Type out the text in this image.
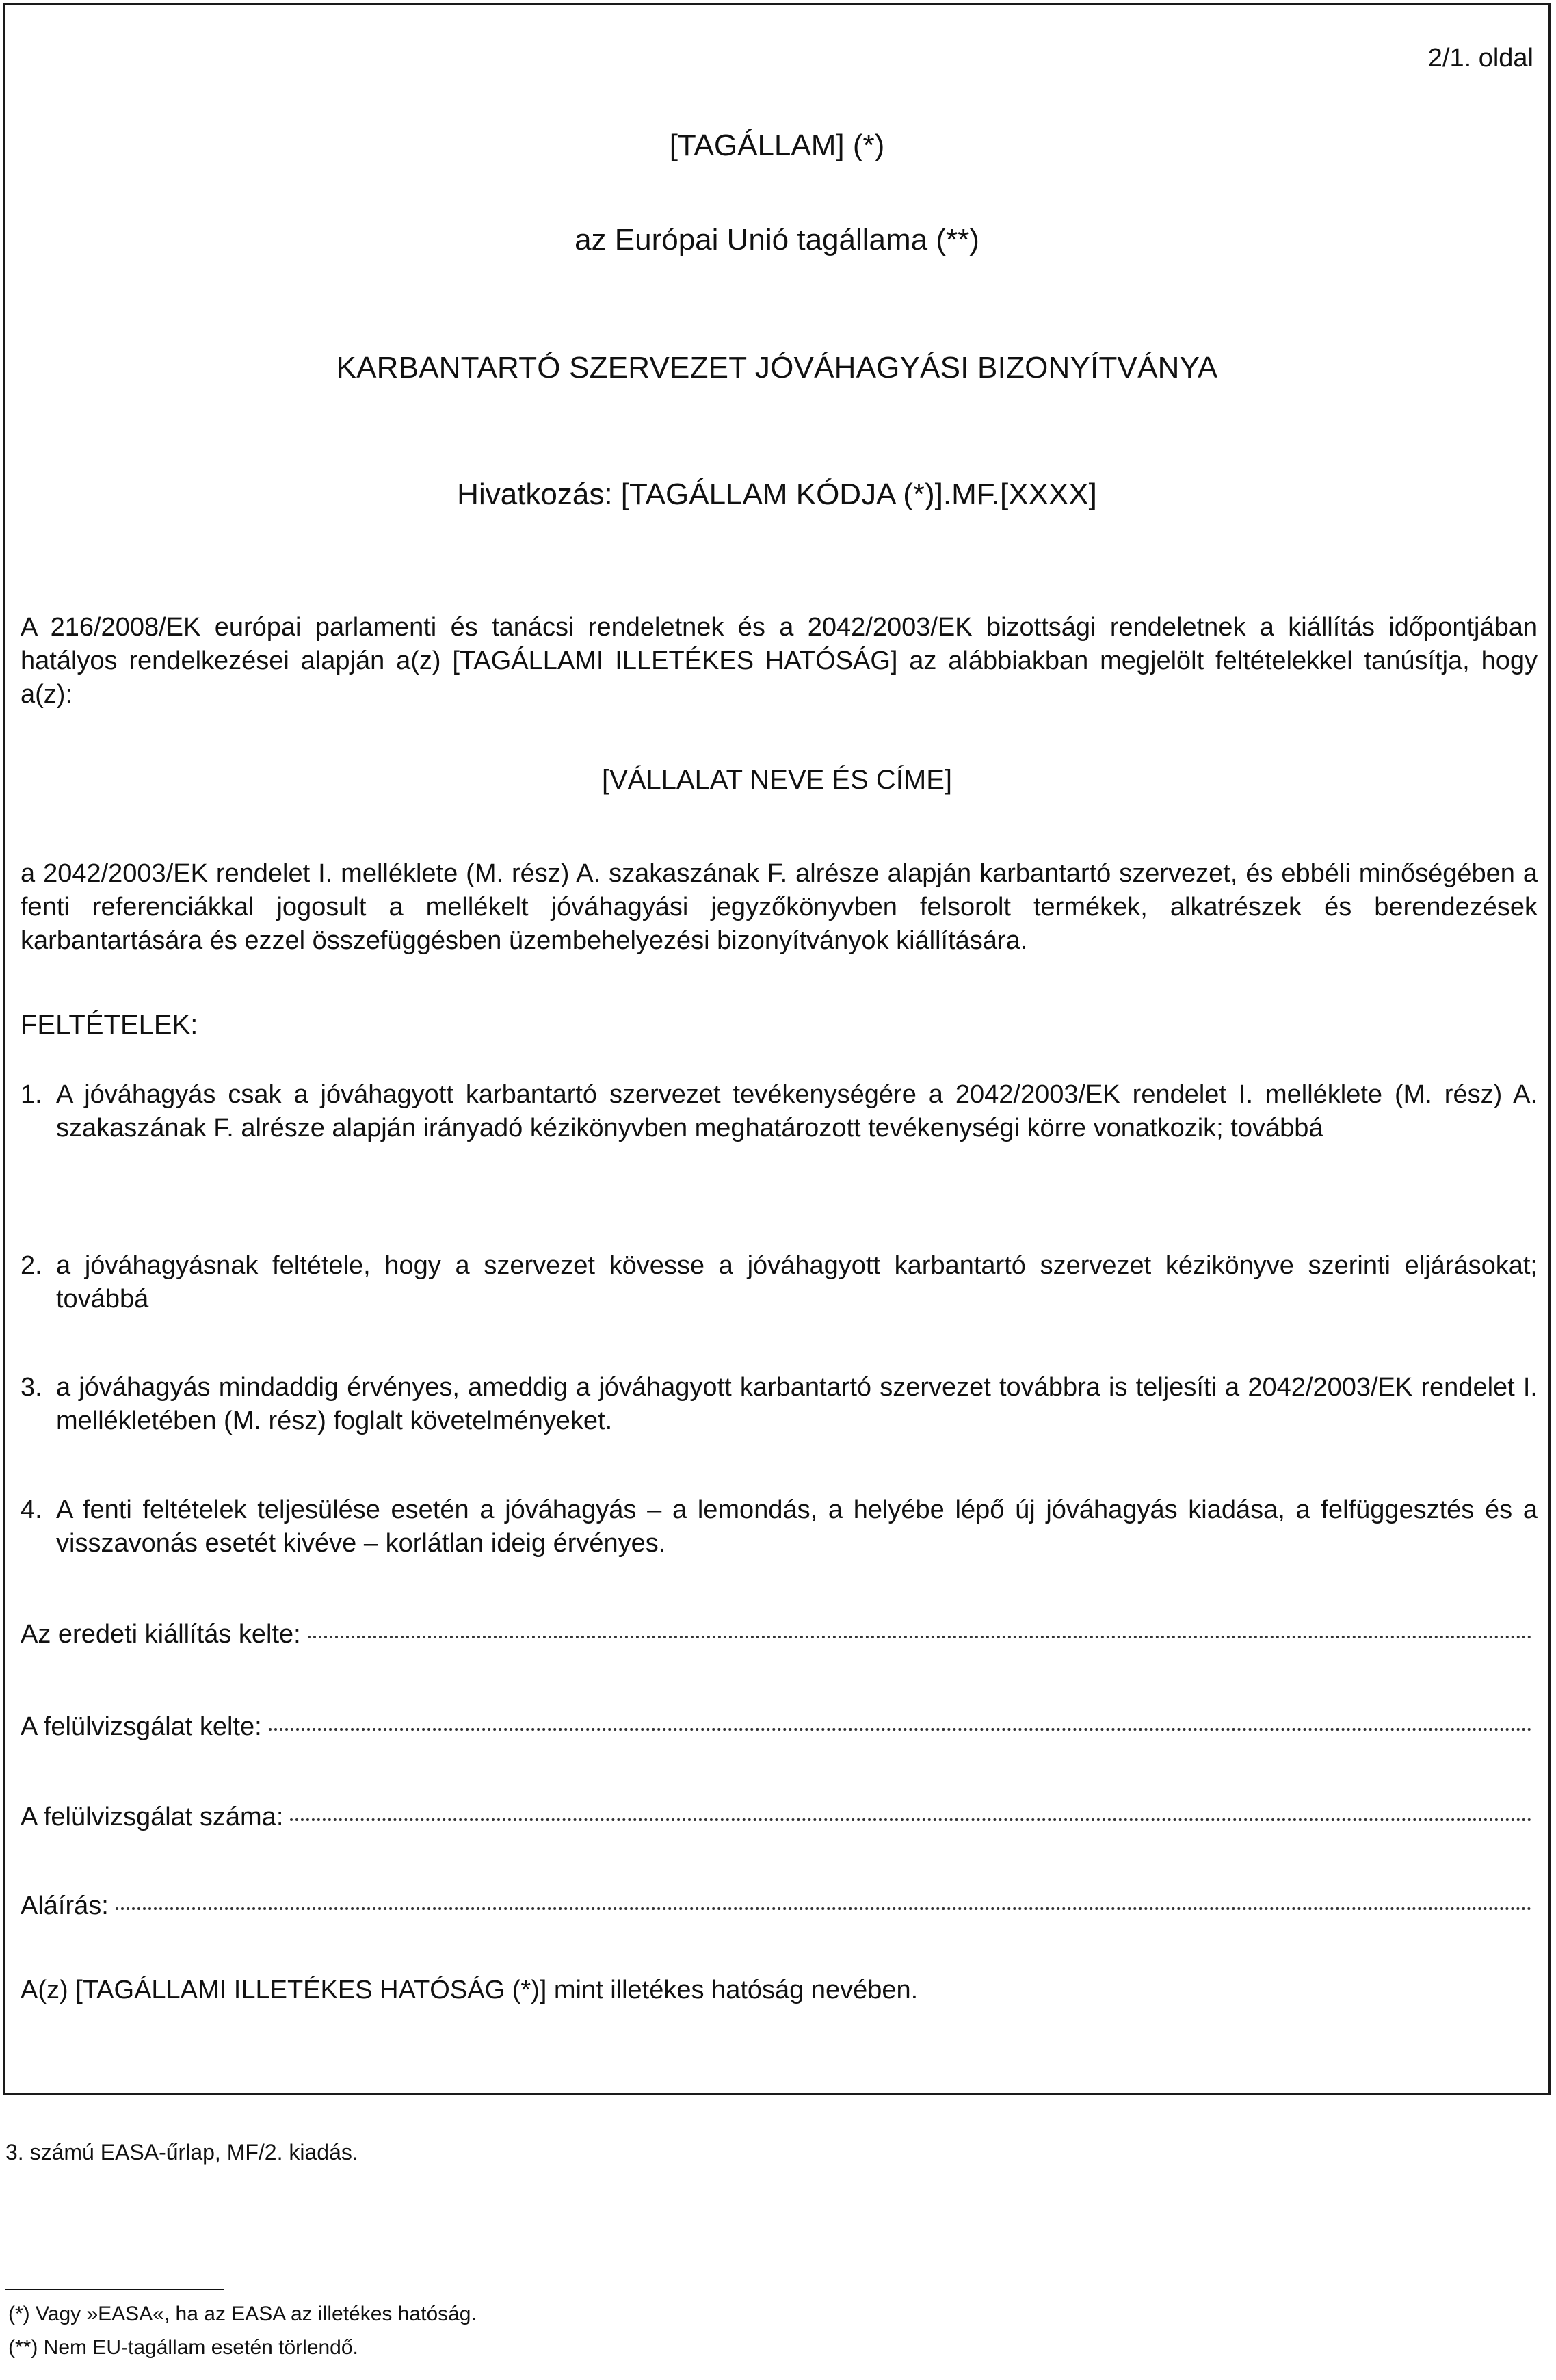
2/1. oldal
[TAGÁLLAM] (*)
az Európai Unió tagállama (**)
KARBANTARTÓ SZERVEZET JÓVÁHAGYÁSI BIZONYÍTVÁNYA
Hivatkozás: [TAGÁLLAM KÓDJA (*)].MF.[XXXX]
A 216/2008/EK európai parlamenti és tanácsi rendeletnek és a 2042/2003/EK bizottsági rendeletnek a kiállítás időpontjában hatályos rendelkezései alapján a(z) [TAGÁLLAMI ILLETÉKES HATÓSÁG] az alábbiakban megjelölt feltételekkel tanúsítja, hogy a(z):
[VÁLLALAT NEVE ÉS CÍME]
a 2042/2003/EK rendelet I. melléklete (M. rész) A. szakaszának F. alrésze alapján karbantartó szervezet, és ebbéli minőségében a fenti referenciákkal jogosult a mellékelt jóváhagyási jegyzőkönyvben felsorolt termékek, alkatrészek és berendezések karbantartására és ezzel összefüggésben üzembehelyezési bizonyítványok kiállítására.
FELTÉTELEK:
1. A jóváhagyás csak a jóváhagyott karbantartó szervezet tevékenységére a 2042/2003/EK rendelet I. melléklete (M. rész) A. szakaszának F. alrésze alapján irányadó kézikönyvben meghatározott tevékenységi körre vonatkozik; továbbá
2. a jóváhagyásnak feltétele, hogy a szervezet kövesse a jóváhagyott karbantartó szervezet kézikönyve szerinti eljárásokat; továbbá
3. a jóváhagyás mindaddig érvényes, ameddig a jóváhagyott karbantartó szervezet továbbra is teljesíti a 2042/2003/EK rendelet I. mellékletében (M. rész) foglalt követelményeket.
4. A fenti feltételek teljesülése esetén a jóváhagyás – a lemondás, a helyébe lépő új jóváhagyás kiadása, a felfüggesztés és a visszavonás esetét kivéve – korlátlan ideig érvényes.
Az eredeti kiállítás kelte:
A felülvizsgálat kelte:
A felülvizsgálat száma:
Aláírás:
A(z) [TAGÁLLAMI ILLETÉKES HATÓSÁG (*)] mint illetékes hatóság nevében.
3. számú EASA-űrlap, MF/2. kiadás.
(*) Vagy »EASA«, ha az EASA az illetékes hatóság.
(**) Nem EU-tagállam esetén törlendő.
